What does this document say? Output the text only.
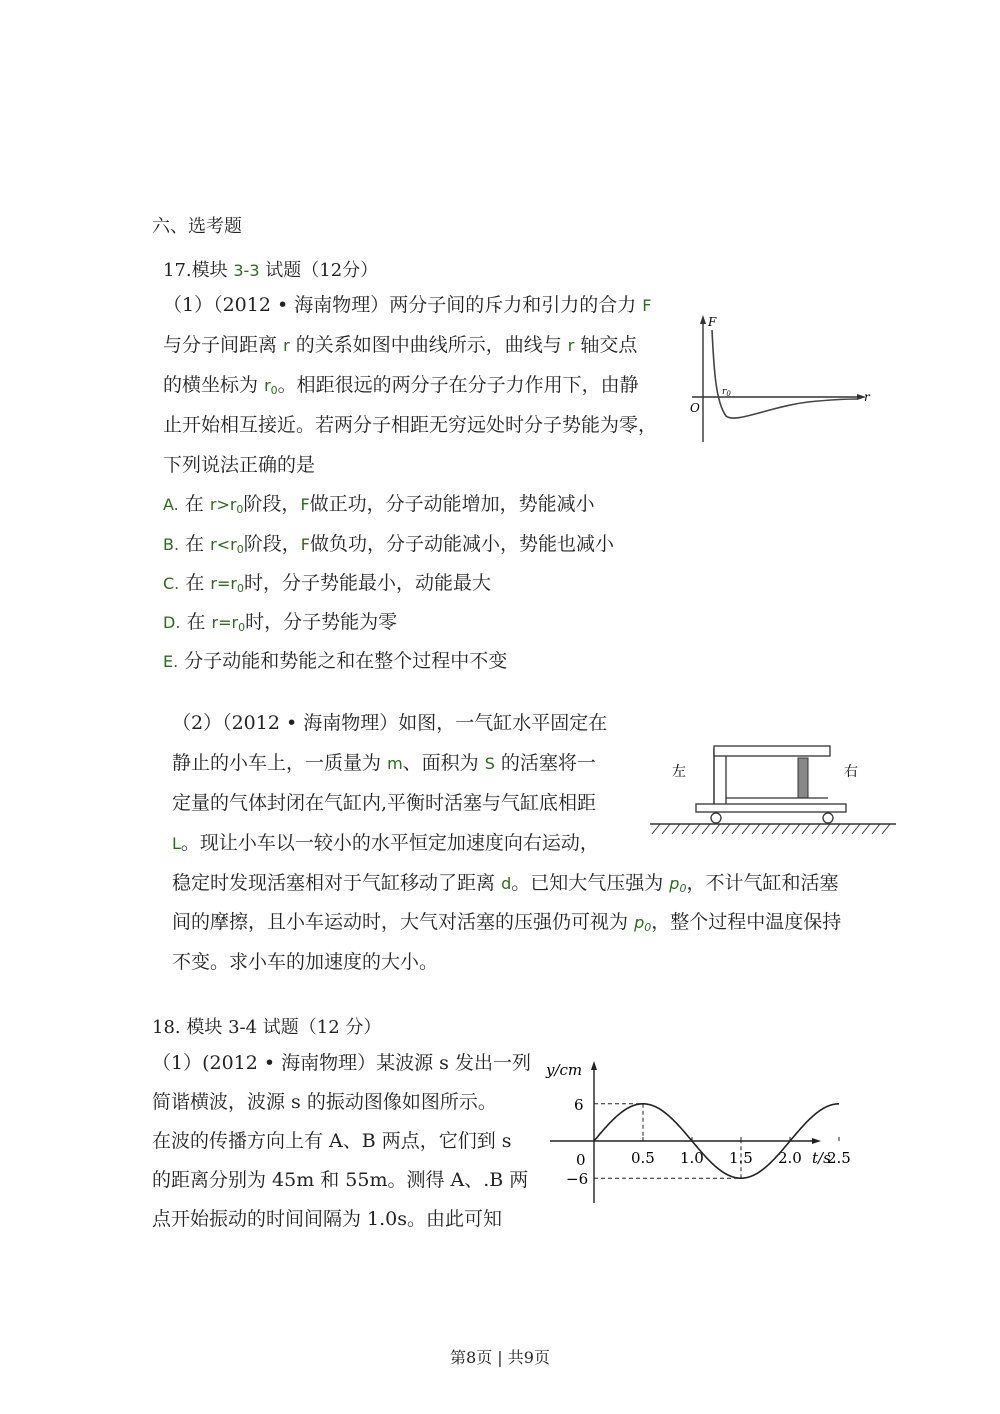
六、选考题
17.模块 3-3 试题（12分）
（1）（2012 • 海南物理）两分子间的斥力和引力的合力 F
与分子间距离 r 的关系如图中曲线所示，曲线与 r 轴交点
的横坐标为 $r_0$。相距很远的两分子在分子力作用下，由静
止开始相互接近。若两分子相距无穷远处时分子势能为零，
下列说法正确的是
F
r
O
$r_0$
A. 在 $r>r_0$阶段，F做正功，分子动能增加，势能减小
B. 在 $r<r_0$阶段，F做负功，分子动能减小，势能也减小
C. 在 $r=r_0$时，分子势能最小，动能最大
D. 在 $r=r_0$时，分子势能为零
E. 分子动能和势能之和在整个过程中不变
（2）（2012 • 海南物理）如图，一气缸水平固定在
静止的小车上，一质量为 m、面积为 S 的活塞将一
定量的气体封闭在气缸内,平衡时活塞与气缸底相距
L。现让小车以一较小的水平恒定加速度向右运动，
稳定时发现活塞相对于气缸移动了距离 d。已知大气压强为 $p_0$，不计气缸和活塞
间的摩擦，且小车运动时，大气对活塞的压强仍可视为 $p_0$，整个过程中温度保持
不变。求小车的加速度的大小。
左	右
18. 模块 3-4 试题（12 分）
（1）(2012 • 海南物理）某波源 s 发出一列
简谐横波，波源 s 的振动图像如图所示。
在波的传播方向上有 A、B 两点，它们到 s
的距离分别为 45m 和 55m。测得 A、.B 两
点开始振动的时间间隔为 1.0s。由此可知
y/cm
t/s
0
6
−6
0.5 1.0 1.5 2.0 2.5
第8页 | 共9页
